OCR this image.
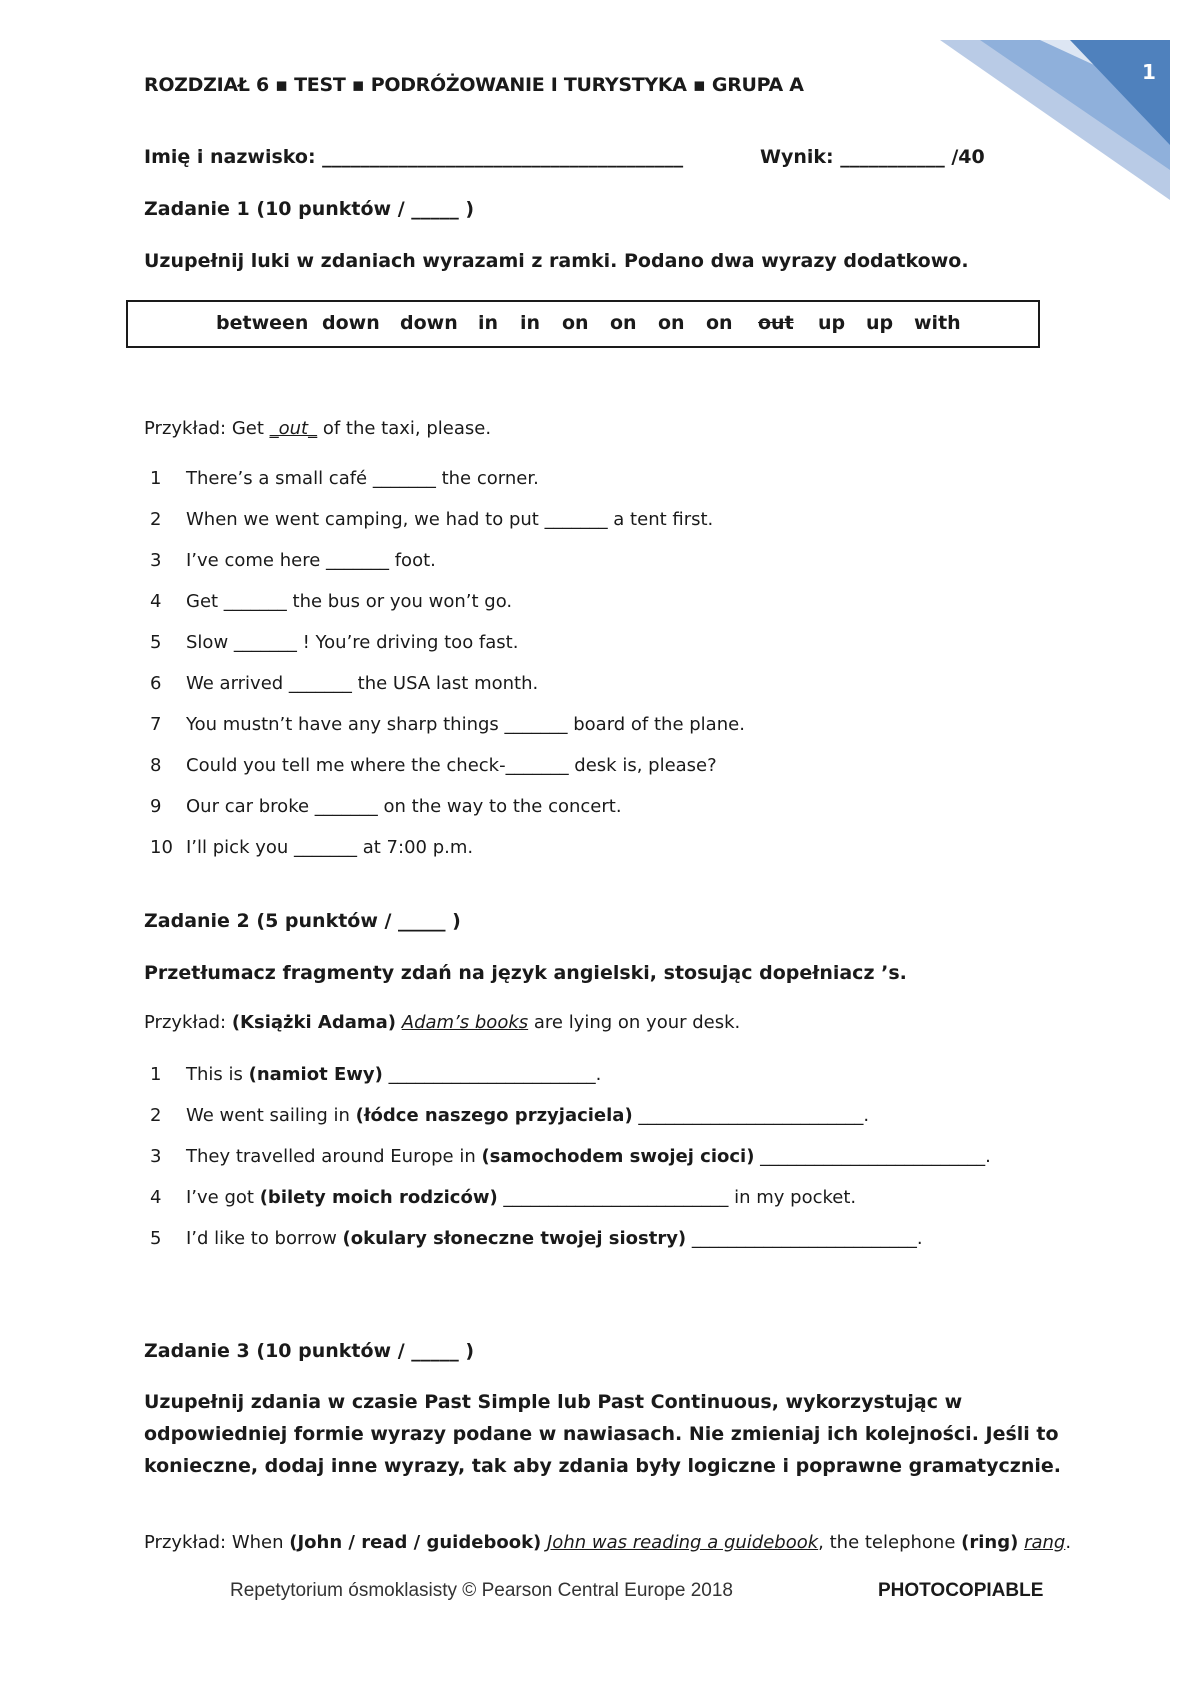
1
ROZDZIAŁ 6 ▪ TEST ▪ PODRÓŻOWANIE I TURYSTYKA ▪ GRUPA A
Imię i nazwisko: ______________________________________	Wynik: ___________ /40
Zadanie 1 (10 punktów / _____ )
Uzupełnij luki w zdaniach wyrazami z ramki. Podano dwa wyrazy dodatkowo.
between down down in in on on on on out up up with
Przykład: Get _out_ of the taxi, please.
1 There’s a small café _______ the corner.
2 When we went camping, we had to put _______ a tent first.
3 I’ve come here _______ foot.
4 Get _______ the bus or you won’t go.
5 Slow _______ ! You’re driving too fast.
6 We arrived _______ the USA last month.
7 You mustn’t have any sharp things _______ board of the plane.
8 Could you tell me where the check-_______ desk is, please?
9 Our car broke _______ on the way to the concert.
10 I’ll pick you _______ at 7:00 p.m.
Zadanie 2 (5 punktów / _____ )
Przetłumacz fragmenty zdań na język angielski, stosując dopełniacz ’s.
Przykład: (Książki Adama) Adam’s books are lying on your desk.
1 This is (namiot Ewy) _______________________.
2 We went sailing in (łódce naszego przyjaciela) _________________________.
3 They travelled around Europe in (samochodem swojej cioci) _________________________.
4 I’ve got (bilety moich rodziców) _________________________ in my pocket.
5 I’d like to borrow (okulary słoneczne twojej siostry) _________________________.
Zadanie 3 (10 punktów / _____ )
Uzupełnij zdania w czasie Past Simple lub Past Continuous, wykorzystując w odpowiedniej formie wyrazy podane w nawiasach. Nie zmieniaj ich kolejności. Jeśli to konieczne, dodaj inne wyrazy, tak aby zdania były logiczne i poprawne gramatycznie.
Przykład: When (John / read / guidebook) John was reading a guidebook, the telephone (ring) rang.
Repetytorium ósmoklasisty © Pearson Central Europe 2018	PHOTOCOPIABLE
